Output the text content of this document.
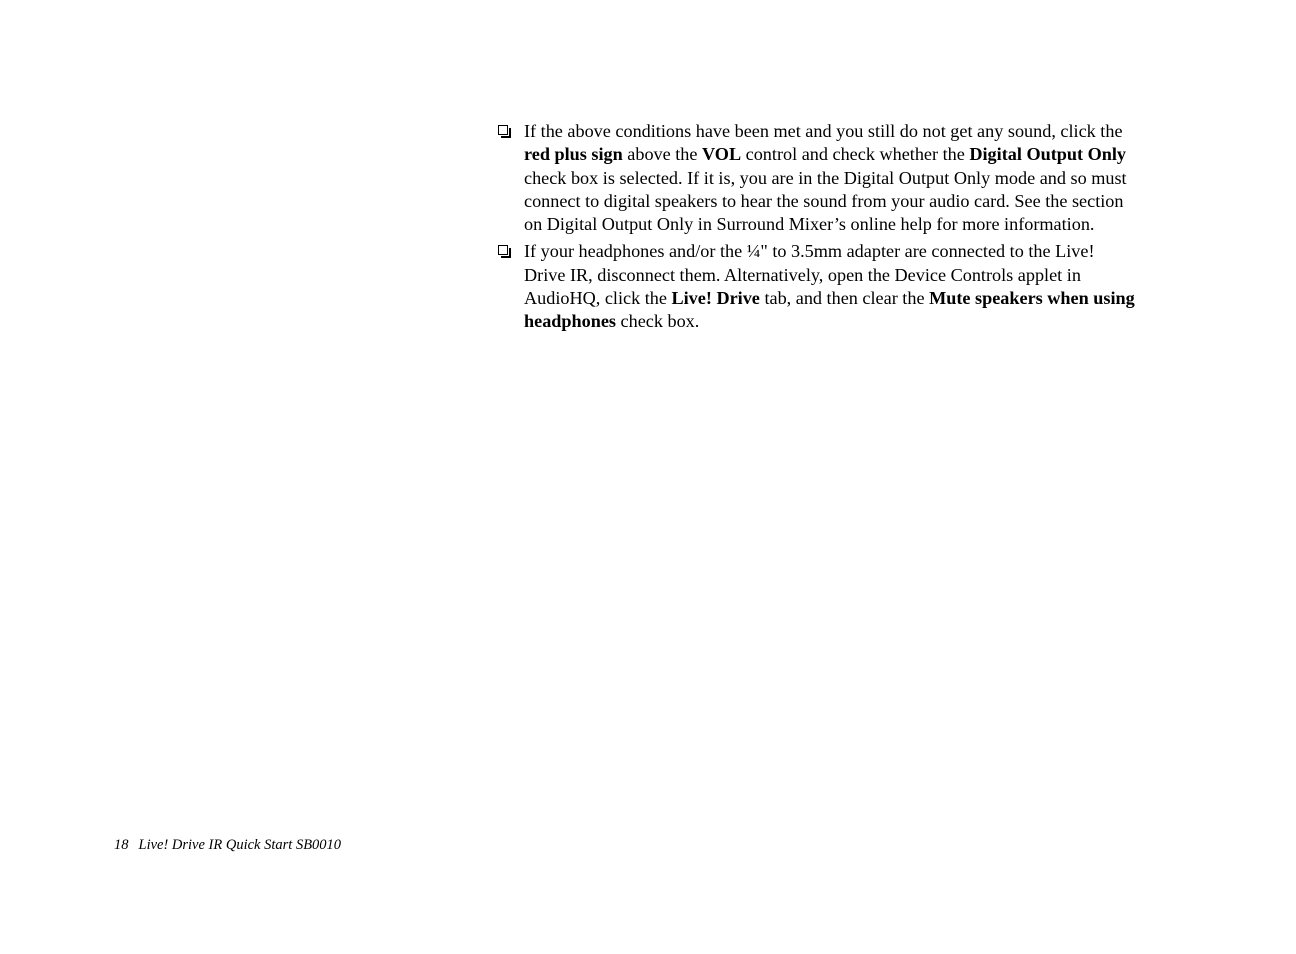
If the above conditions have been met and you still do not get any sound, click the red plus sign above the VOL control and check whether the Digital Output Only check box is selected. If it is, you are in the Digital Output Only mode and so must connect to digital speakers to hear the sound from your audio card. See the section on Digital Output Only in Surround Mixer’s online help for more information.
If your headphones and/or the ¼" to 3.5mm adapter are connected to the Live! Drive IR, disconnect them. Alternatively, open the Device Controls applet in AudioHQ, click the Live! Drive tab, and then clear the Mute speakers when using headphones check box.
18 Live! Drive IR Quick Start SB0010
